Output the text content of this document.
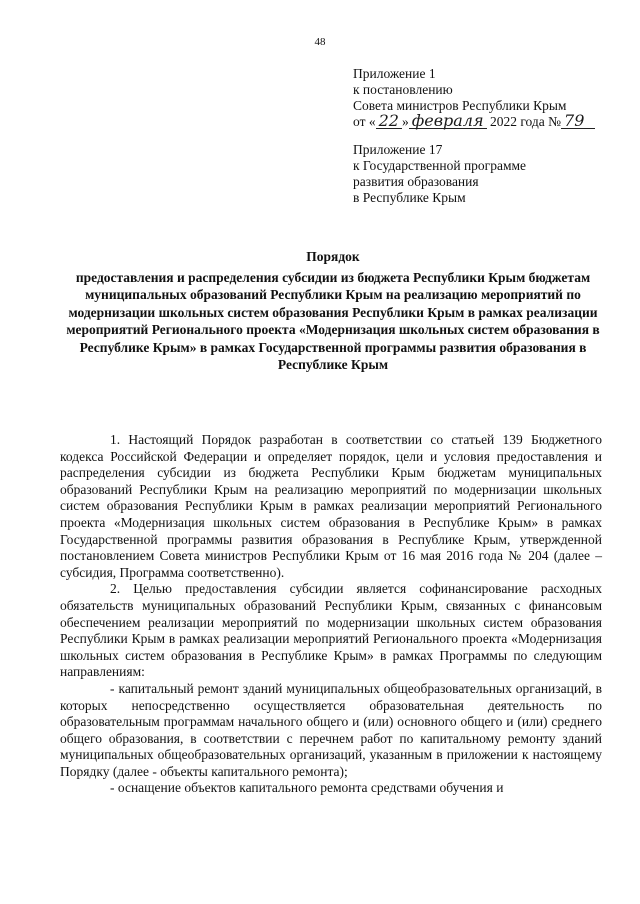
48
Приложение 1
к постановлению
Совета министров Республики Крым
от « 22 » февраля 2022 года № 79
Приложение 17
к Государственной программе
развития образования
в Республике Крым
Порядок
предоставления и распределения субсидии из бюджета Республики Крым бюджетам муниципальных образований Республики Крым на реализацию мероприятий по модернизации школьных систем образования Республики Крым в рамках реализации мероприятий Регионального проекта «Модернизация школьных систем образования в Республике Крым» в рамках Государственной программы развития образования в Республике Крым

1. Настоящий Порядок разработан в соответствии со статьей 139 Бюджетного кодекса Российской Федерации и определяет порядок, цели и условия предоставления и распределения субсидии из бюджета Республики Крым бюджетам муниципальных образований Республики Крым на реализацию мероприятий по модернизации школьных систем образования Республики Крым в рамках реализации мероприятий Регионального проекта «Модернизация школьных систем образования в Республике Крым» в рамках Государственной программы развития образования в Республике Крым, утвержденной постановлением Совета министров Республики Крым от 16 мая 2016 года № 204 (далее – субсидия, Программа соответственно).

2. Целью предоставления субсидии является софинансирование расходных обязательств муниципальных образований Республики Крым, связанных с финансовым обеспечением реализации мероприятий по модернизации школьных систем образования Республики Крым в рамках реализации мероприятий Регионального проекта «Модернизация школьных систем образования в Республике Крым» в рамках Программы по следующим направлениям:

- капитальный ремонт зданий муниципальных общеобразовательных организаций, в которых непосредственно осуществляется образовательная деятельность по образовательным программам начального общего и (или) основного общего и (или) среднего общего образования, в соответствии с перечнем работ по капитальному ремонту зданий муниципальных общеобразовательных организаций, указанным в приложении к настоящему Порядку (далее - объекты капитального ремонта);

- оснащение объектов капитального ремонта средствами обучения и
